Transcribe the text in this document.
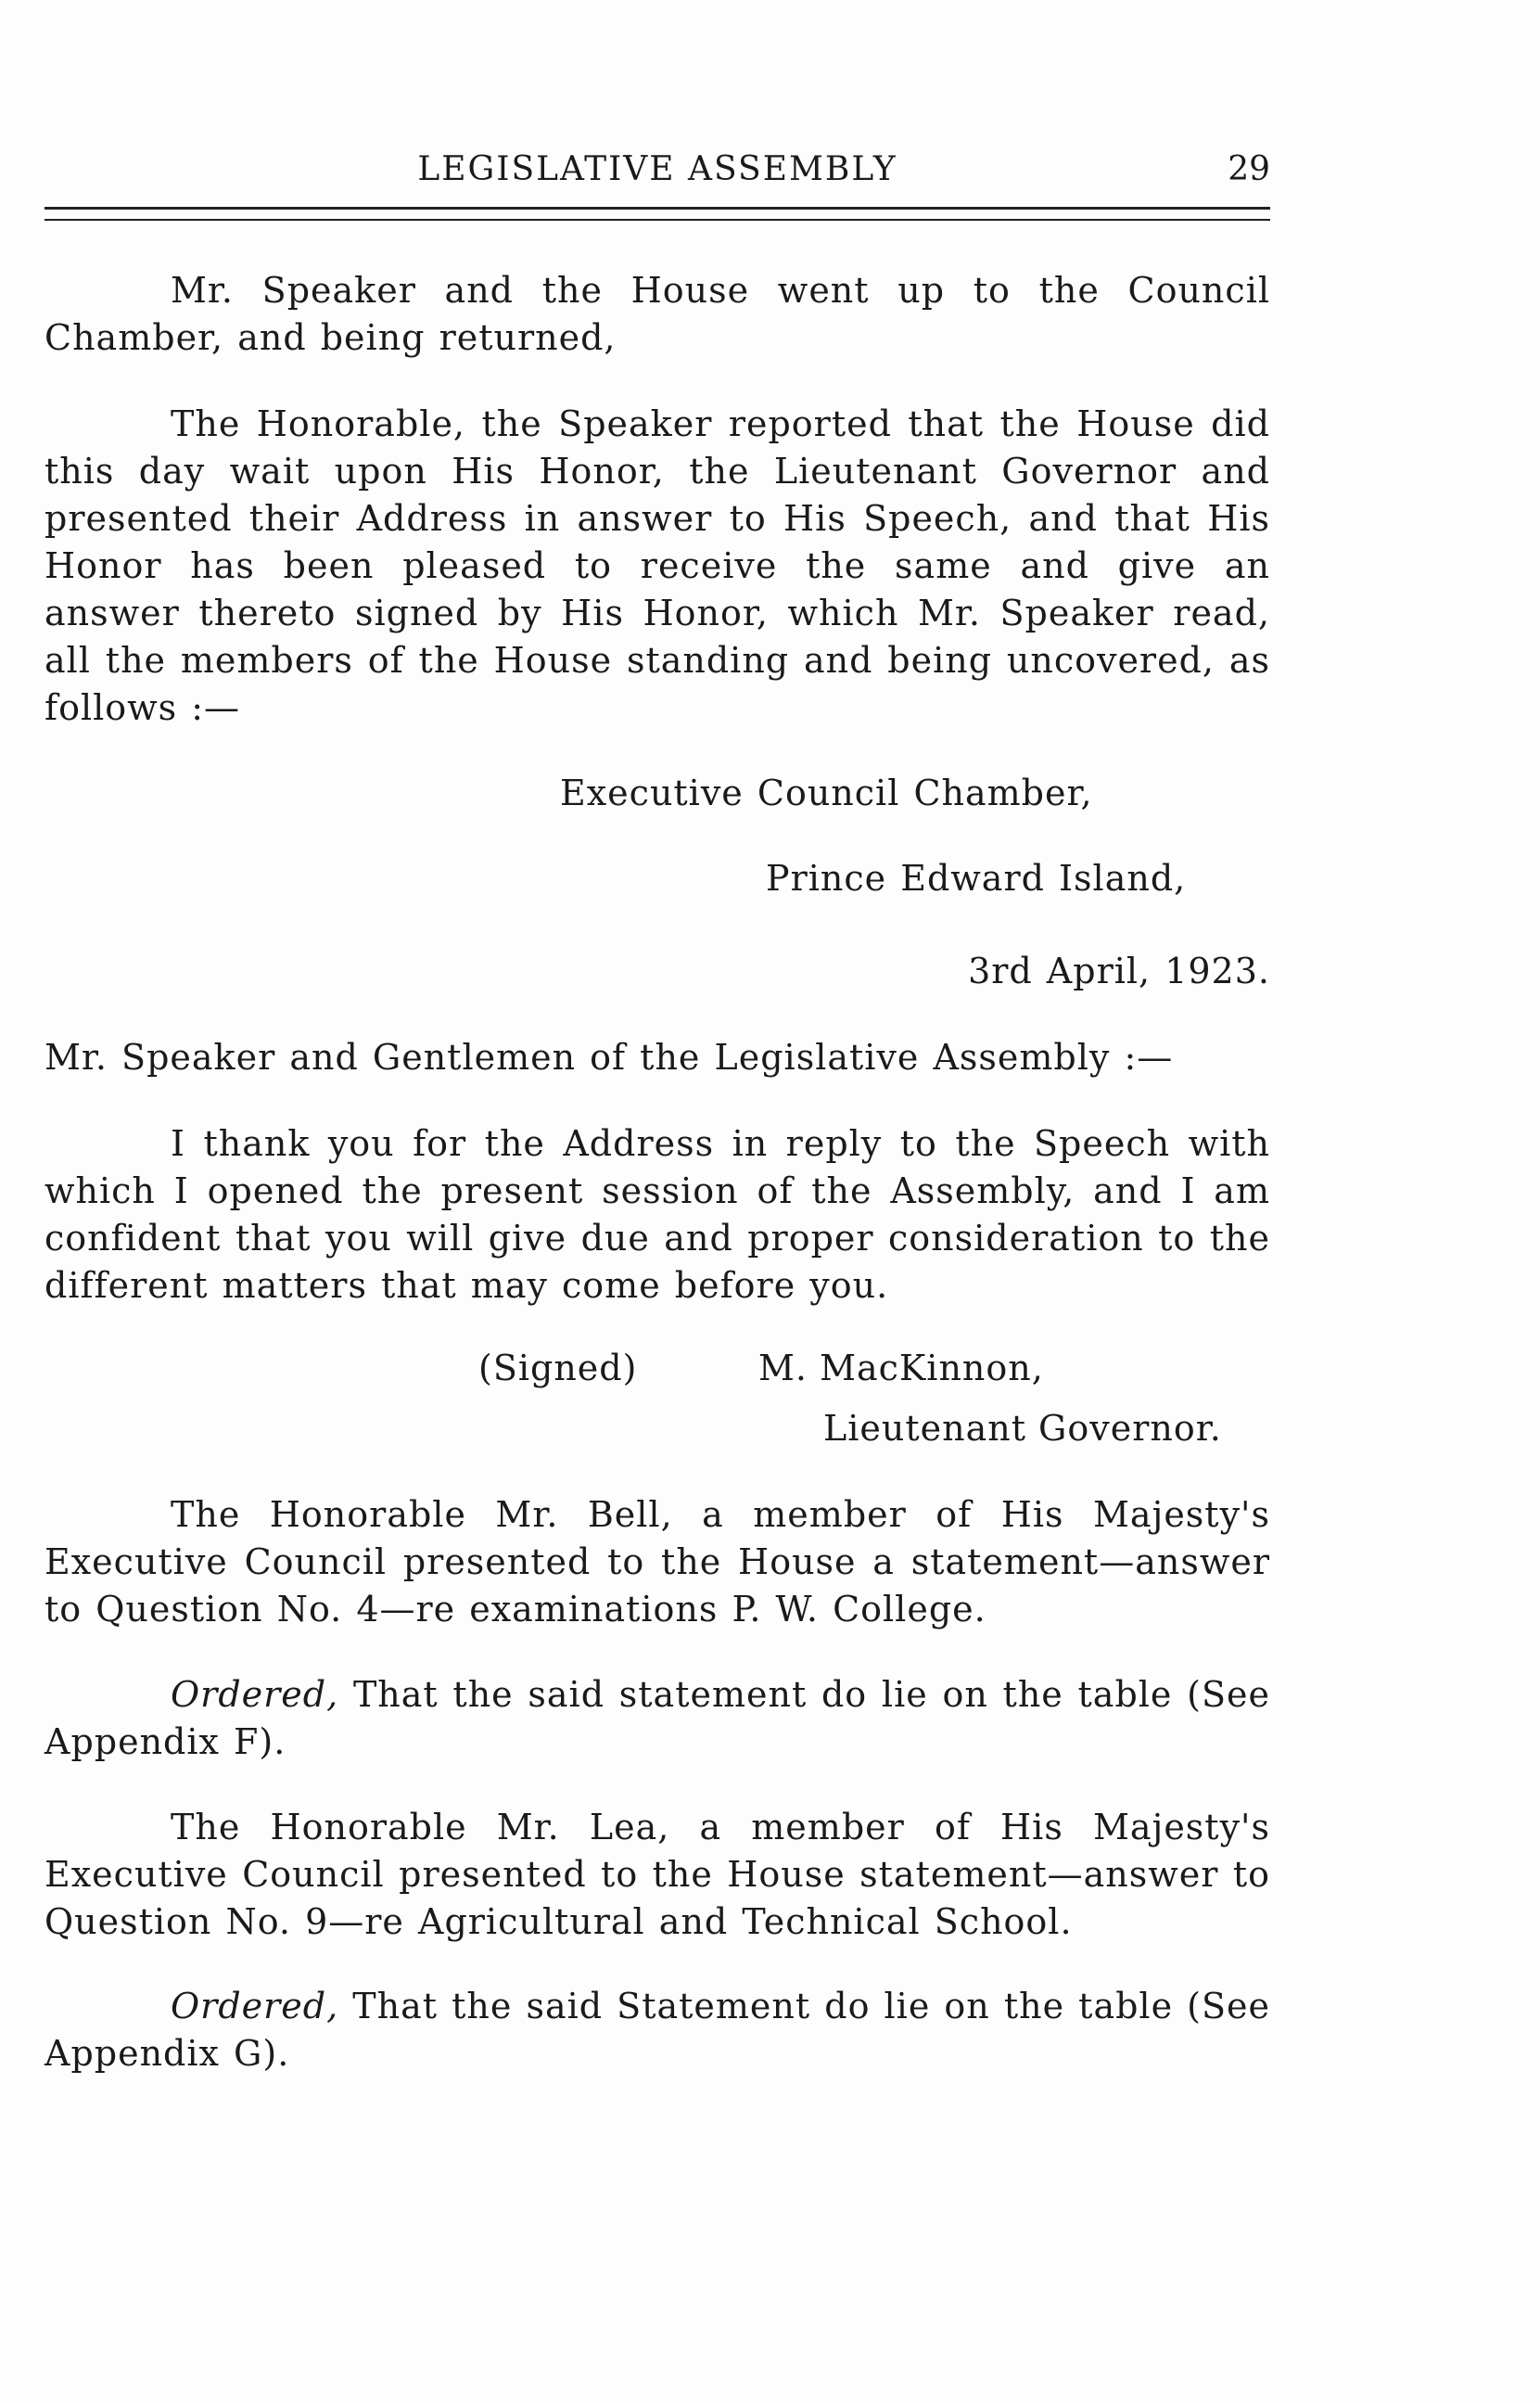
LEGISLATIVE ASSEMBLY	29

Mr. Speaker and the House went up to the Council Chamber, and being returned,

The Honorable, the Speaker reported that the House did this day wait upon His Honor, the Lieutenant Governor and presented their Address in answer to His Speech, and that His Honor has been pleased to receive the same and give an answer thereto signed by His Honor, which Mr. Speaker read, all the members of the House standing and being uncovered, as follows :—

Executive Council Chamber,

Prince Edward Island,

3rd April, 1923.

Mr. Speaker and Gentlemen of the Legislative Assembly :—

I thank you for the Address in reply to the Speech with which I opened the present session of the Assembly, and I am confident that you will give due and proper consideration to the different matters that may come before you.

(Signed)	M. MacKinnon,
Lieutenant Governor.

The Honorable Mr. Bell, a member of His Majesty's Executive Council presented to the House a statement—answer to Question No. 4—re examinations P. W. College.

Ordered, That the said statement do lie on the table (See Appendix F).

The Honorable Mr. Lea, a member of His Majesty's Executive Council presented to the House statement—answer to Question No. 9—re Agricultural and Technical School.

Ordered, That the said Statement do lie on the table (See Appendix G).
